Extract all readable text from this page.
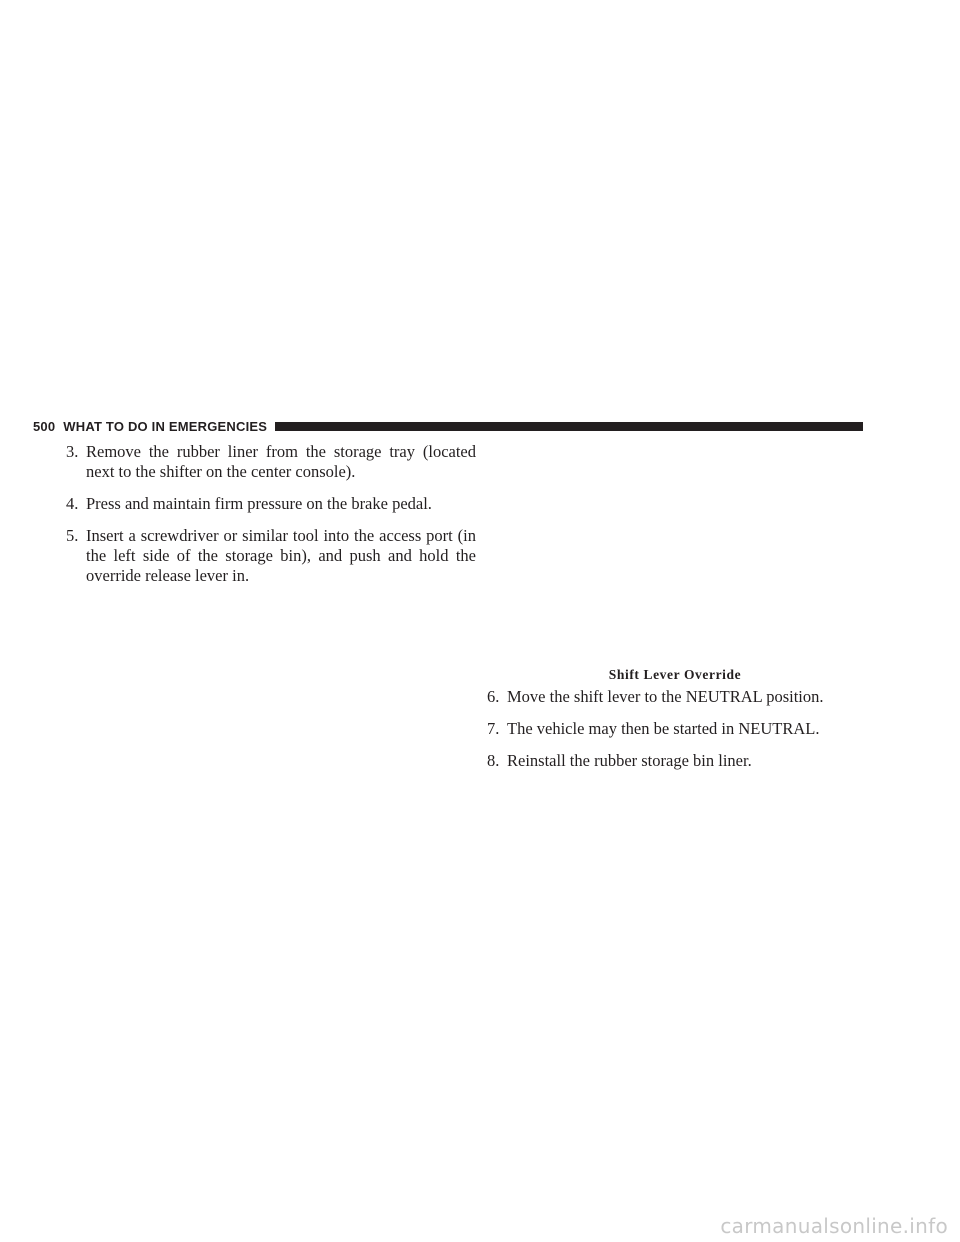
500 WHAT TO DO IN EMERGENCIES
3. Remove the rubber liner from the storage tray (located next to the shifter on the center console).
4. Press and maintain firm pressure on the brake pedal.
5. Insert a screwdriver or similar tool into the access port (in the left side of the storage bin), and push and hold the override release lever in.
Shift Lever Override
6. Move the shift lever to the NEUTRAL position.
7. The vehicle may then be started in NEUTRAL.
8. Reinstall the rubber storage bin liner.
carmanualsonline.info
